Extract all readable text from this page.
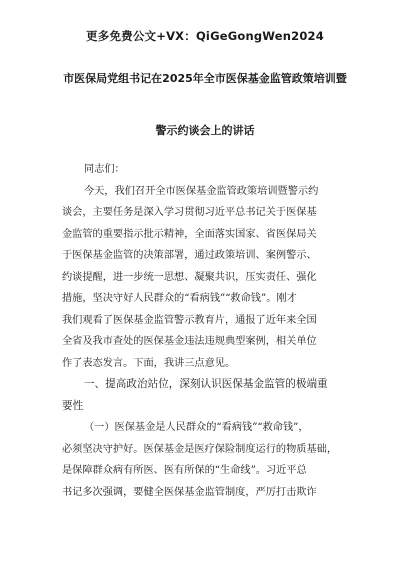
更多免费公文+VX：QiGeGongWen2024
市医保局党组书记在2025年全市医保基金监管政策培训暨
警示约谈会上的讲话
同志们：
今天，我们召开全市医保基金监管政策培训暨警示约
谈会，主要任务是深入学习贯彻习近平总书记关于医保基
金监管的重要指示批示精神，全面落实国家、省医保局关
于医保基金监管的决策部署，通过政策培训、案例警示、
约谈提醒，进一步统一思想、凝聚共识，压实责任、强化
措施，坚决守好人民群众的“看病钱”“救命钱”。刚才
我们观看了医保基金监管警示教育片，通报了近年来全国
全省及我市查处的医保基金违法违规典型案例，相关单位
作了表态发言。下面，我讲三点意见。
一、提高政治站位，深刻认识医保基金监管的极端重
要性
（一）医保基金是人民群众的“看病钱”“救命钱”，
必须坚决守护好。医保基金是医疗保险制度运行的物质基础，
是保障群众病有所医、医有所保的“生命线”。习近平总
书记多次强调，要健全医保基金监管制度，严厉打击欺诈
